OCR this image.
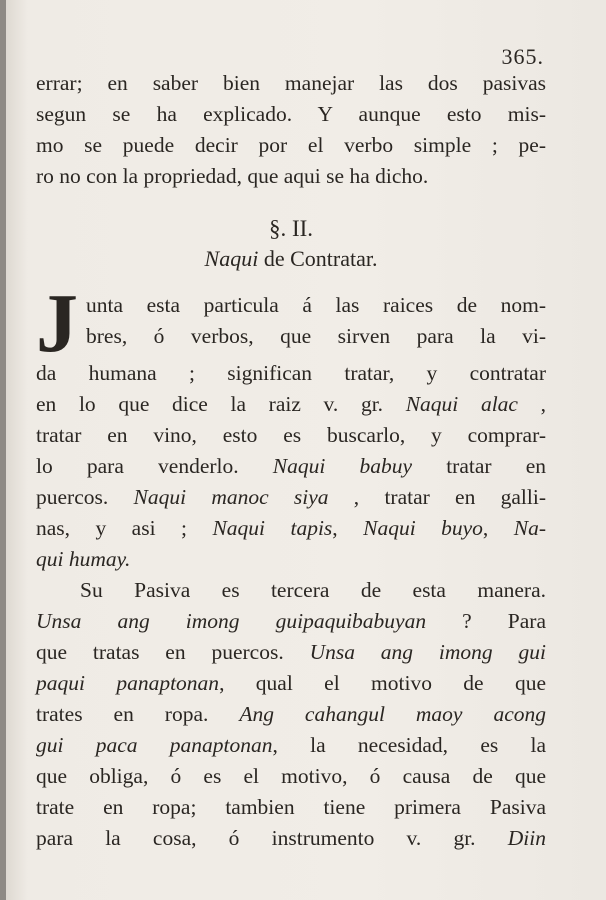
365.
errar; en saber bien manejar las dos pasivas
segun se ha explicado. Y aunque esto mis-
mo se puede decir por el verbo simple ; pe-
ro no con la propriedad, que aqui se ha dicho.
§. II.
Naqui de Contratar.
J unta esta particula á las raices de nom-
bres, ó verbos, que sirven para la vi-
da humana ; significan tratar, y contratar
en lo que dice la raiz v. gr. Naqui alac ,
tratar en vino, esto es buscarlo, y comprar-
lo para venderlo. Naqui babuy tratar en
puercos. Naqui manoc siya , tratar en galli-
nas, y asi ; Naqui tapis, Naqui buyo, Na-
qui humay.
Su Pasiva es tercera de esta manera.
Unsa ang imong guipaquibabuyan ? Para
que tratas en puercos. Unsa ang imong gui
paqui panaptonan, qual el motivo de que
trates en ropa. Ang cahangul maoy acong
gui paca panaptonan, la necesidad, es la
que obliga, ó es el motivo, ó causa de que
trate en ropa; tambien tiene primera Pasiva
para la cosa, ó instrumento v. gr. Diin
